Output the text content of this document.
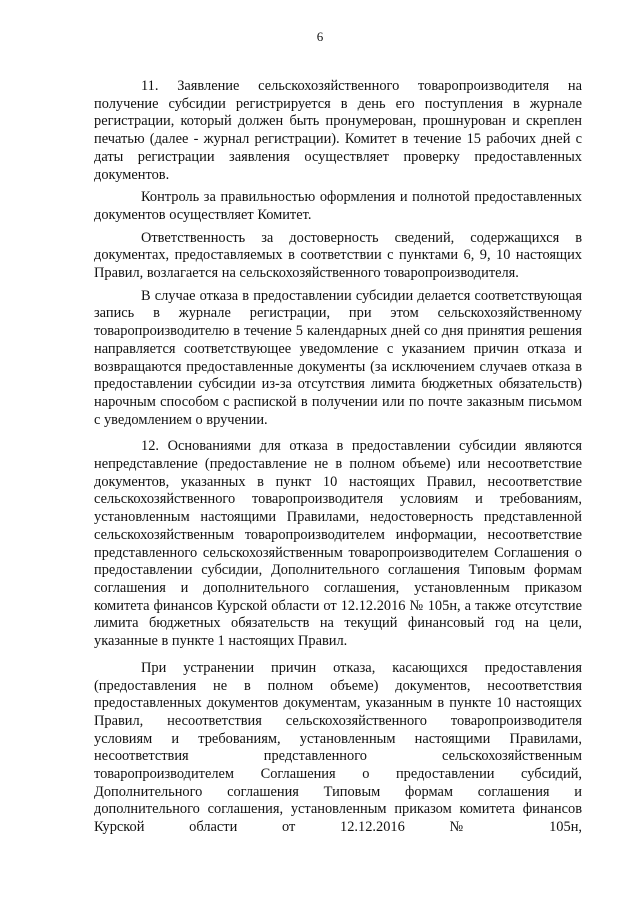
6

11. Заявление сельскохозяйственного товаропроизводителя на получение субсидии регистрируется в день его поступления в журнале регистрации, который должен быть пронумерован, прошнурован и скреплен печатью (далее - журнал регистрации). Комитет в течение 15 рабочих дней с даты регистрации заявления осуществляет проверку предоставленных документов.

Контроль за правильностью оформления и полнотой предоставленных документов осуществляет Комитет.

Ответственность за достоверность сведений, содержащихся в документах, предоставляемых в соответствии с пунктами 6, 9, 10 настоящих Правил, возлагается на сельскохозяйственного товаропроизводителя.

В случае отказа в предоставлении субсидии делается соответствующая запись в журнале регистрации, при этом сельскохозяйственному товаропроизводителю в течение 5 календарных дней со дня принятия решения направляется соответствующее уведомление с указанием причин отказа и возвращаются предоставленные документы (за исключением случаев отказа в предоставлении субсидии из-за отсутствия лимита бюджетных обязательств) нарочным способом с распиской в получении или по почте заказным письмом с уведомлением о вручении.

12. Основаниями для отказа в предоставлении субсидии являются непредставление (предоставление не в полном объеме) или несоответствие документов, указанных в пункт 10 настоящих Правил, несоответствие сельскохозяйственного товаропроизводителя условиям и требованиям, установленным настоящими Правилами, недостоверность представленной сельскохозяйственным товаропроизводителем информации, несоответствие представленного сельскохозяйственным товаропроизводителем Соглашения о предоставлении субсидии, Дополнительного соглашения Типовым формам соглашения и дополнительного соглашения, установленным приказом комитета финансов Курской области от 12.12.2016 № 105н, а также отсутствие лимита бюджетных обязательств на текущий финансовый год на цели, указанные в пункте 1 настоящих Правил.

При устранении причин отказа, касающихся предоставления (предоставления не в полном объеме) документов, несоответствия предоставленных документов документам, указанным в пункте 10 настоящих Правил, несоответствия сельскохозяйственного товаропроизводителя условиям и требованиям, установленным настоящими Правилами, несоответствия представленного сельскохозяйственным товаропроизводителем Соглашения о предоставлении субсидий, Дополнительного соглашения Типовым формам соглашения и дополнительного соглашения, установленным приказом комитета финансов Курской области от 12.12.2016 № 105н,
